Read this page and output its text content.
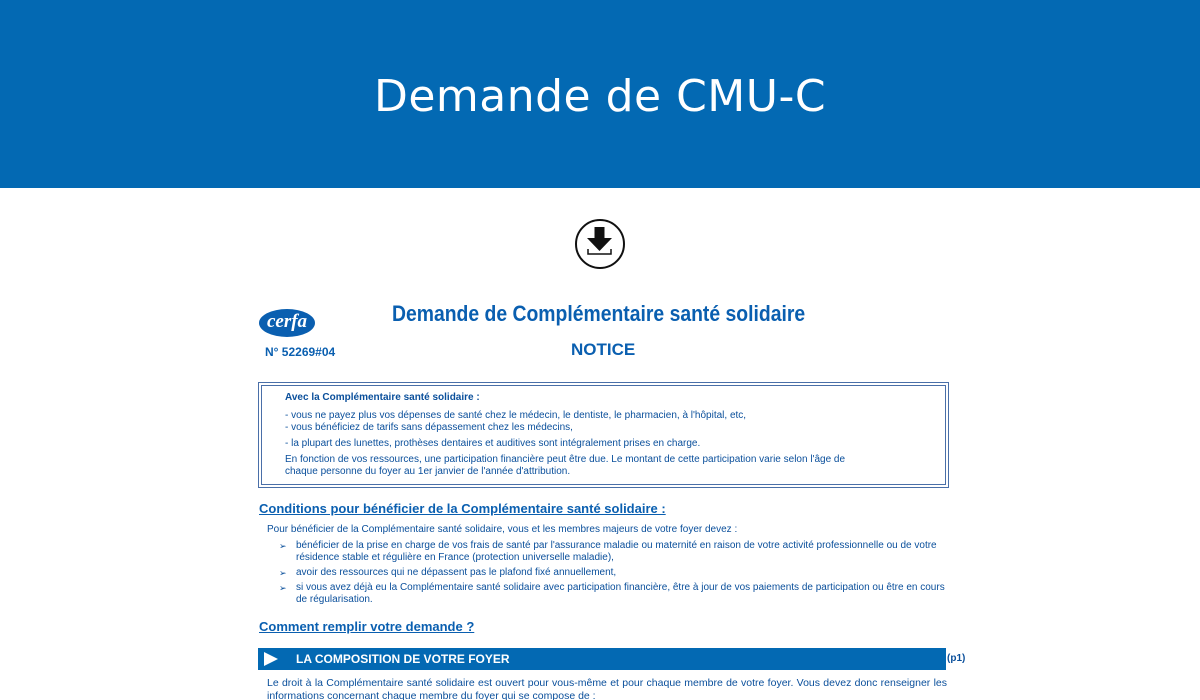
Demande de CMU-C
cerfa
N° 52269#04
Demande de Complémentaire santé solidaire
NOTICE
Avec la Complémentaire santé solidaire :
- vous ne payez plus vos dépenses de santé chez le médecin, le dentiste, le pharmacien, à l'hôpital, etc,
- vous bénéficiez de tarifs sans dépassement chez les médecins,
- la plupart des lunettes, prothèses dentaires et auditives sont intégralement prises en charge.
En fonction de vos ressources, une participation financière peut être due. Le montant de cette participation varie selon l'âge de
chaque personne du foyer au 1er janvier de l'année d'attribution.
Conditions pour bénéficier de la Complémentaire santé solidaire :
Pour bénéficier de la Complémentaire santé solidaire, vous et les membres majeurs de votre foyer devez :
➢ bénéficier de la prise en charge de vos frais de santé par l'assurance maladie ou maternité en raison de votre activité professionnelle ou de votre résidence stable et régulière en France (protection universelle maladie),
➢ avoir des ressources qui ne dépassent pas le plafond fixé annuellement,
➢ si vous avez déjà eu la Complémentaire santé solidaire avec participation financière, être à jour de vos paiements de participation ou être en cours de régularisation.
Comment remplir votre demande ?
LA COMPOSITION DE VOTRE FOYER	(p1)
Le droit à la Complémentaire santé solidaire est ouvert pour vous-même et pour chaque membre de votre foyer. Vous devez donc renseigner les informations concernant chaque membre du foyer qui se compose de :
